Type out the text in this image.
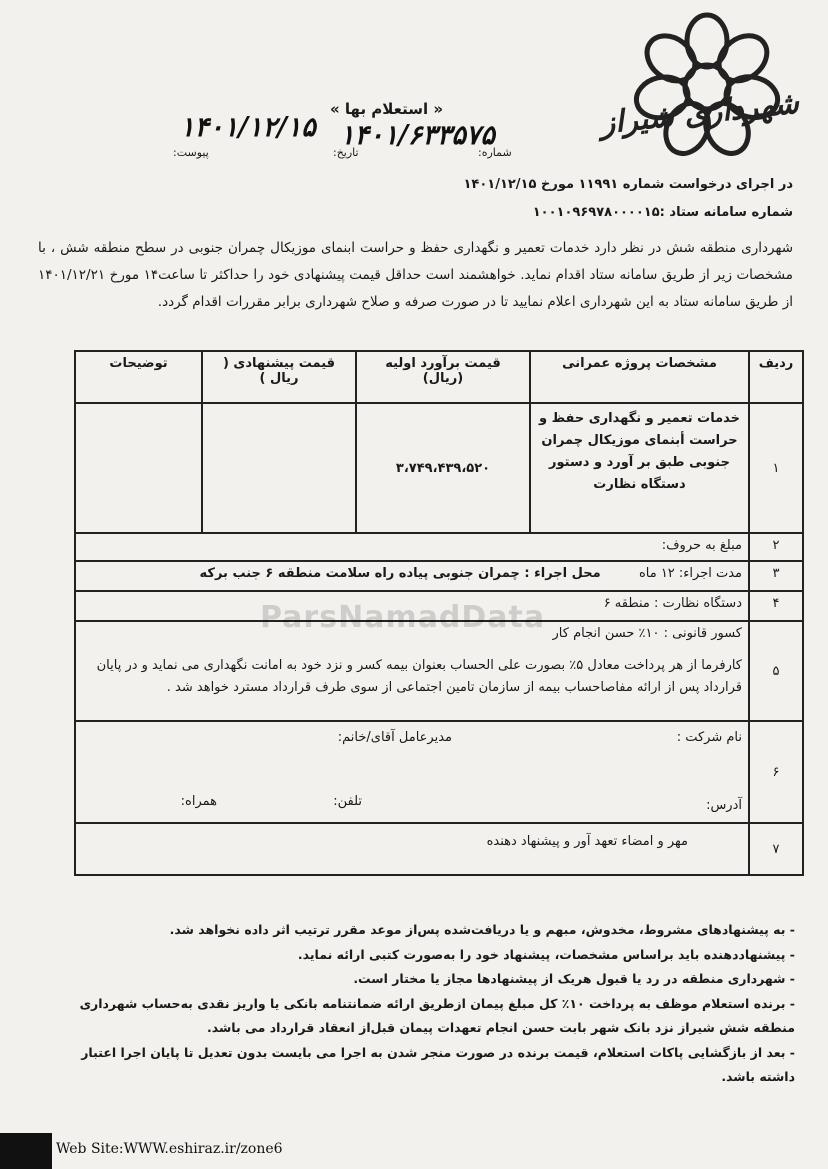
شهرداری شیراز
« استعلام بها »
شماره:
۱۴۰۱/۶۳۳۵۷۵
تاریخ:
۱۴۰۱/۱۲/۱۵
پیوست:
در اجرای درخواست شماره ۱۱۹۹۱ مورخ ۱۴۰۱/۱۲/۱۵
شماره سامانه ستاد :۱۰۰۱۰۹۶۹۷۸۰۰۰۰۱۵
شهرداری منطقه شش در نظر دارد خدمات تعمیر و نگهداری حفظ و حراست ابنمای موزیکال چمران جنوبی در سطح منطقه شش ، با مشخصات زیر از طریق سامانه ستاد اقدام نماید. خواهشمند است حداقل قیمت پیشنهادی خود را حداکثر تا ساعت۱۴ مورخ ۱۴۰۱/۱۲/۲۱ از طریق سامانه ستاد به این شهرداری اعلام نمایید تا در صورت صرفه و صلاح شهرداری برابر مقررات اقدام گردد.
ردیف	مشخصات پروژه عمرانی	قیمت برآورد اولیه (ریال)	قیمت پیشنهادی ( ریال )	توضیحات
۱	خدمات تعمیر و نگهداری حفظ و حراست أبنمای موزیکال چمران جنوبی طبق بر آورد و دستور دستگاه نظارت	۳،۷۴۹،۴۳۹،۵۲۰		
۲	مبلغ به حروف:			
۳	مدت اجراء: ۱۲ ماه  محل اجراء : چمران جنوبی پیاده راه سلامت منطقه ۶ جنب برکه			
۴	دستگاه نظارت : منطقه ۶			
۵	کسور قانونی : ۱۰٪ حسن انجام کار
کارفرما از هر پرداخت معادل ۵٪ بصورت علی الحساب بعنوان بیمه کسر و نزد خود به امانت نگهداری می نماید و در پایان قرارداد پس از ارائه مفاصاحساب بیمه از سازمان تامین اجتماعی از سوی طرف قرارداد مسترد خواهد شد .			

۶	نام شرکت :
مدیرعامل آقای/خانم:
آدرس:
تلفن:
همراه:			

۷	مهر و امضاء تعهد آور و پیشنهاد دهنده			
ParsNamadData
- به پیشنهادهای مشروط، مخدوش، مبهم و یا دریافت‌شده پس‌از موعد مقرر ترتیب اثر داده نخواهد شد.
- پیشنهاددهنده باید براساس مشخصات، پیشنهاد خود را به‌صورت کتبی ارائه نماید.
- شهرداری منطقه در رد یا قبول هریک از پیشنهادها مجاز یا مختار است.
- برنده استعلام موظف به پرداخت ۱۰٪ کل مبلغ پیمان ازطریق ارائه ضمانتنامه بانکی یا واریز نقدی به‌حساب شهرداری منطقه شش شیراز نزد بانک شهر بابت حسن انجام تعهدات پیمان قبل‌از انعقاد قرارداد می باشد.
- بعد از بازگشایی پاکات استعلام، قیمت برنده در صورت منجر شدن به اجرا می بایست بدون تعدیل تا پایان اجرا اعتبار داشته باشد.
Web Site:WWW.eshiraz.ir/zone6
